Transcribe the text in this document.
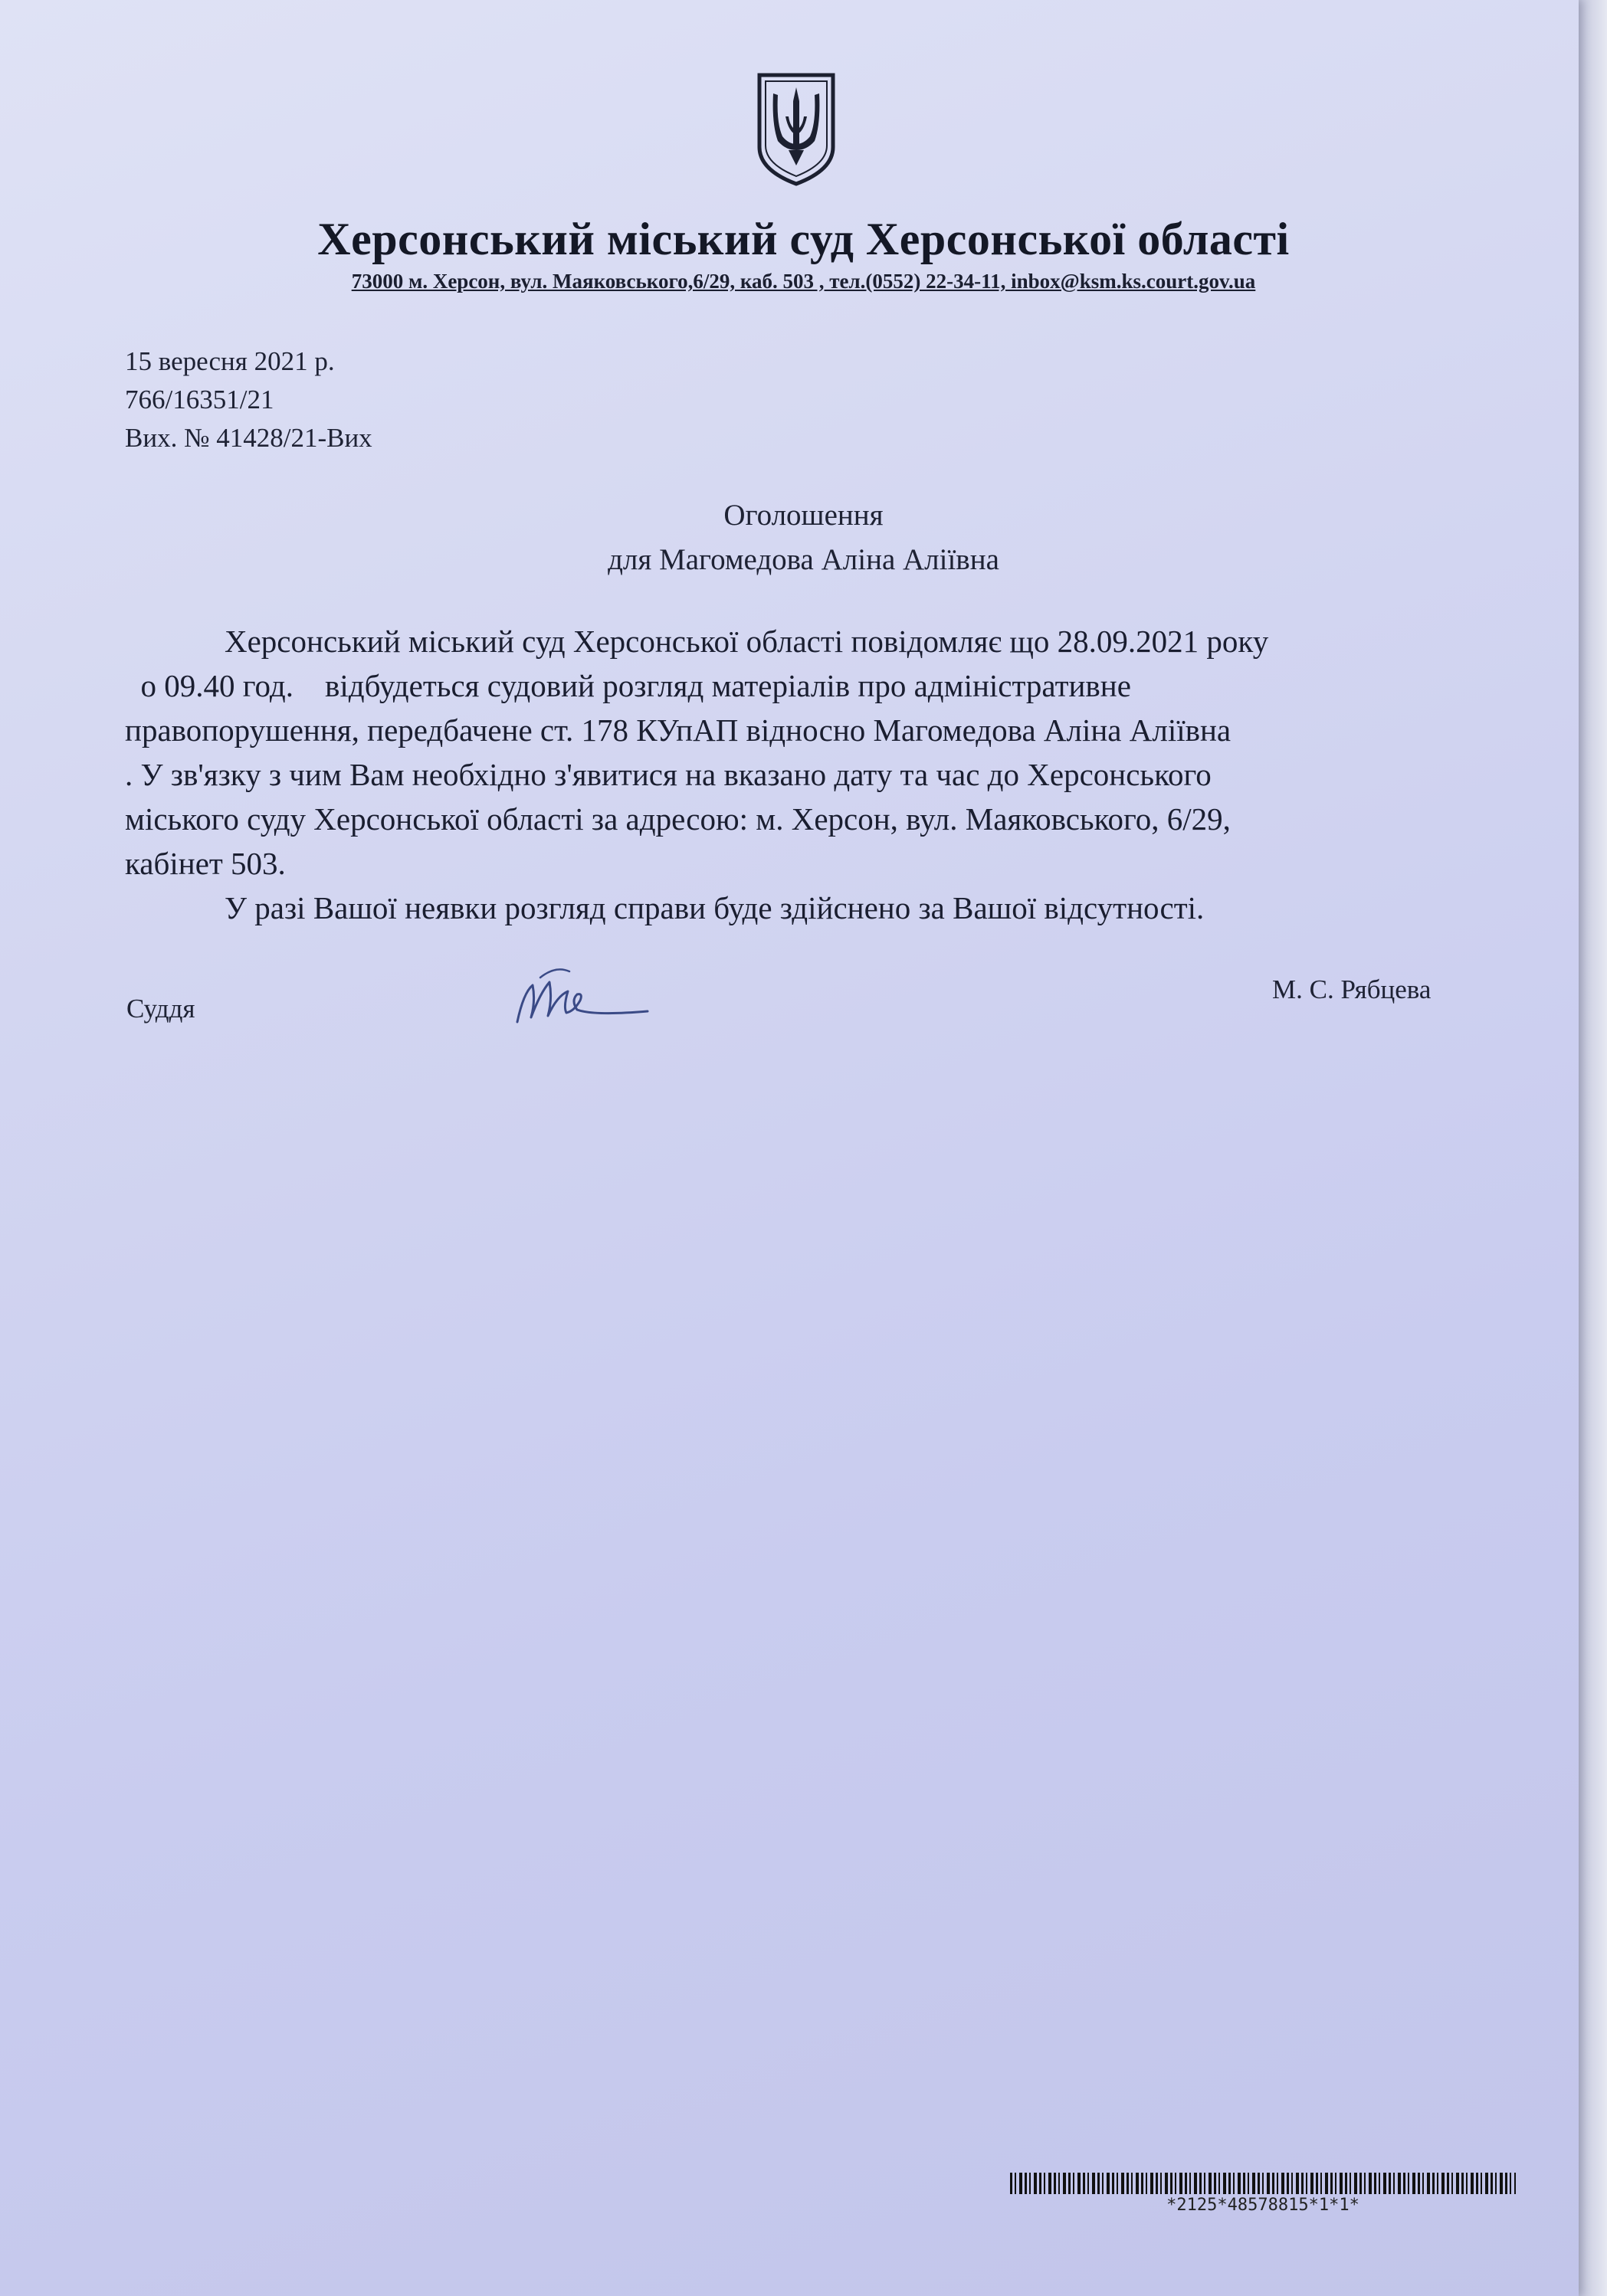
Херсонський міський суд Херсонської області
73000 м. Херсон, вул. Маяковського,6/29, каб. 503 , тел.(0552) 22-34-11, inbox@ksm.ks.court.gov.ua
15 вересня 2021 р.
766/16351/21
Вих. № 41428/21-Вих
Оголошення
для Магомедова Аліна Аліївна
Херсонський міський суд Херсонської області повідомляє що 28.09.2021 року
о 09.40 год.    відбудеться судовий розгляд матеріалів про адміністративне
правопорушення, передбачене ст. 178 КУпАП відносно Магомедова Аліна Аліївна
. У зв'язку з чим Вам необхідно з'явитися на вказано дату та час до Херсонського
міського суду Херсонської області за адресою: м. Херсон, вул. Маяковського, 6/29,
кабінет 503.
У разі Вашої неявки розгляд справи буде здійснено за Вашої відсутності.
Суддя
М. С. Рябцева
*2125*48578815*1*1*
